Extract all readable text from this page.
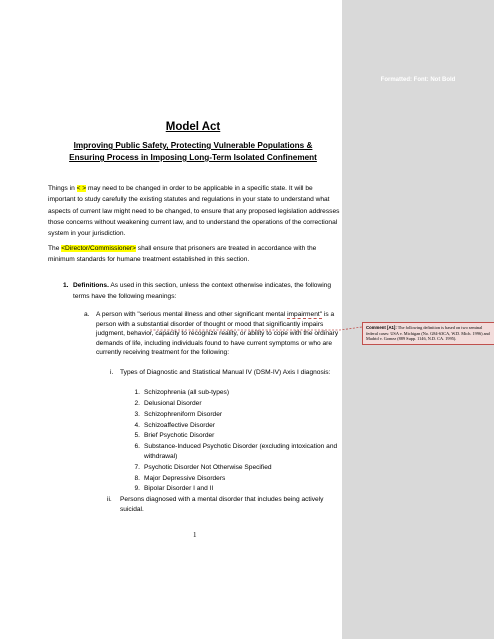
Formatted: Font: Not Bold
Model Act
Improving Public Safety, Protecting Vulnerable Populations &
Ensuring Process in Imposing Long-Term Isolated Confinement
Things in < > may need to be changed in order to be applicable in a specific state. It will be important to study carefully the existing statutes and regulations in your state to understand what aspects of current law might need to be changed, to ensure that any proposed legislation addresses those concerns without weakening current law, and to understand the operations of the correctional system in your jurisdiction.
The <Director/Commissioner> shall ensure that prisoners are treated in accordance with the minimum standards for humane treatment established in this section.
1. Definitions. As used in this section, unless the context otherwise indicates, the following terms have the following meanings:
a. A person with "serious mental illness and other significant mental impairment" is a person with a substantial disorder of thought or mood that significantly impairs judgment, behavior, capacity to recognize reality, or ability to cope with the ordinary demands of life, including individuals found to have current symptoms or who are currently receiving treatment for the following:
i. Types of Diagnostic and Statistical Manual IV (DSM-IV) Axis I diagnosis:
1. Schizophrenia (all sub-types)
2. Delusional Disorder
3. Schizophreniform Disorder
4. Schizoaffective Disorder
5. Brief Psychotic Disorder
6. Substance-Induced Psychotic Disorder (excluding intoxication and withdrawal)
7. Psychotic Disorder Not Otherwise Specified
8. Major Depressive Disorders
9. Bipolar Disorder I and II
ii. Persons diagnosed with a mental disorder that includes being actively suicidal.
1
Comment [A1]: The following definition is based on two seminal federal cases: USA v. Michigan (No. G84-63CA, W.D. Mich. 1996) and Madrid v. Gomez (889 Supp. 1146, N.D. CA. 1995).
